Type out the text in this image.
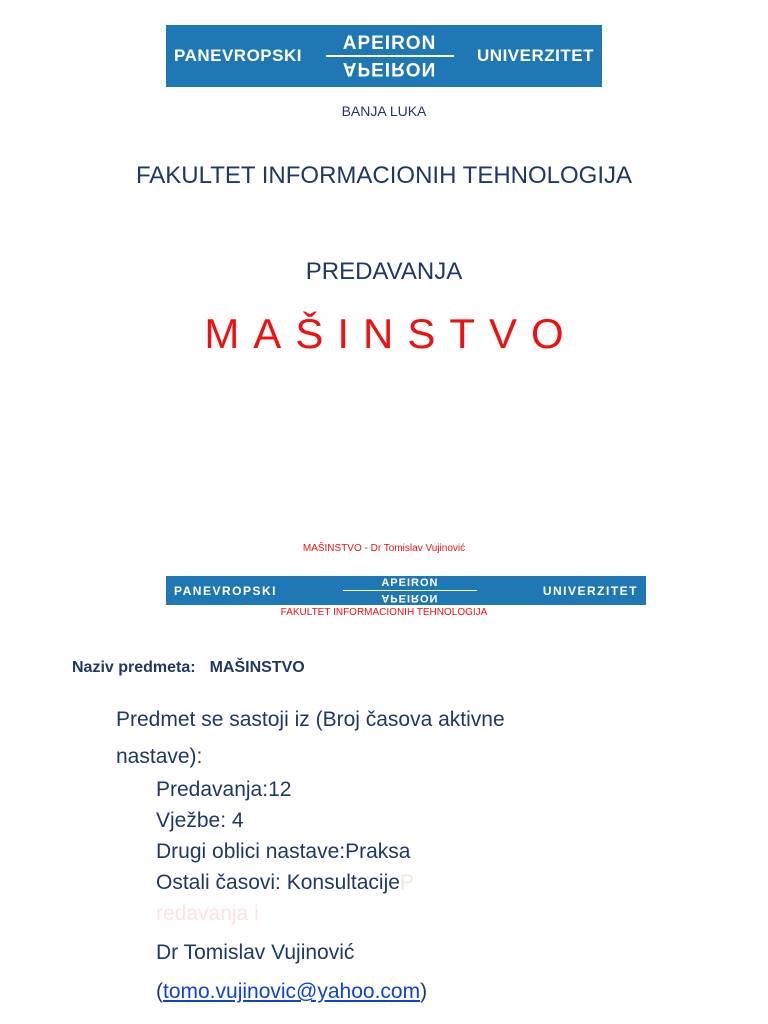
PANEVROPSKI
APEIRON
APEIRON
UNIVERZITET
BANJA LUKA
FAKULTET INFORMACIONIH TEHNOLOGIJA
PREDAVANJA
MAŠINSTVO
MAŠINSTVO - Dr Tomislav Vujinović
PANEVROPSKI
APEIRON
APEIRON
UNIVERZITET
FAKULTET INFORMACIONIH TEHNOLOGIJA
Naziv predmeta: MAŠINSTVO
Predmet se sastoji iz (Broj časova aktivne
nastave):
Predavanja:12
Vježbe: 4
Drugi oblici nastave:Praksa
Ostali časovi: KonsultacijeP
redavanja i
Dr Tomislav Vujinović
(tomo.vujinovic@yahoo.com)
